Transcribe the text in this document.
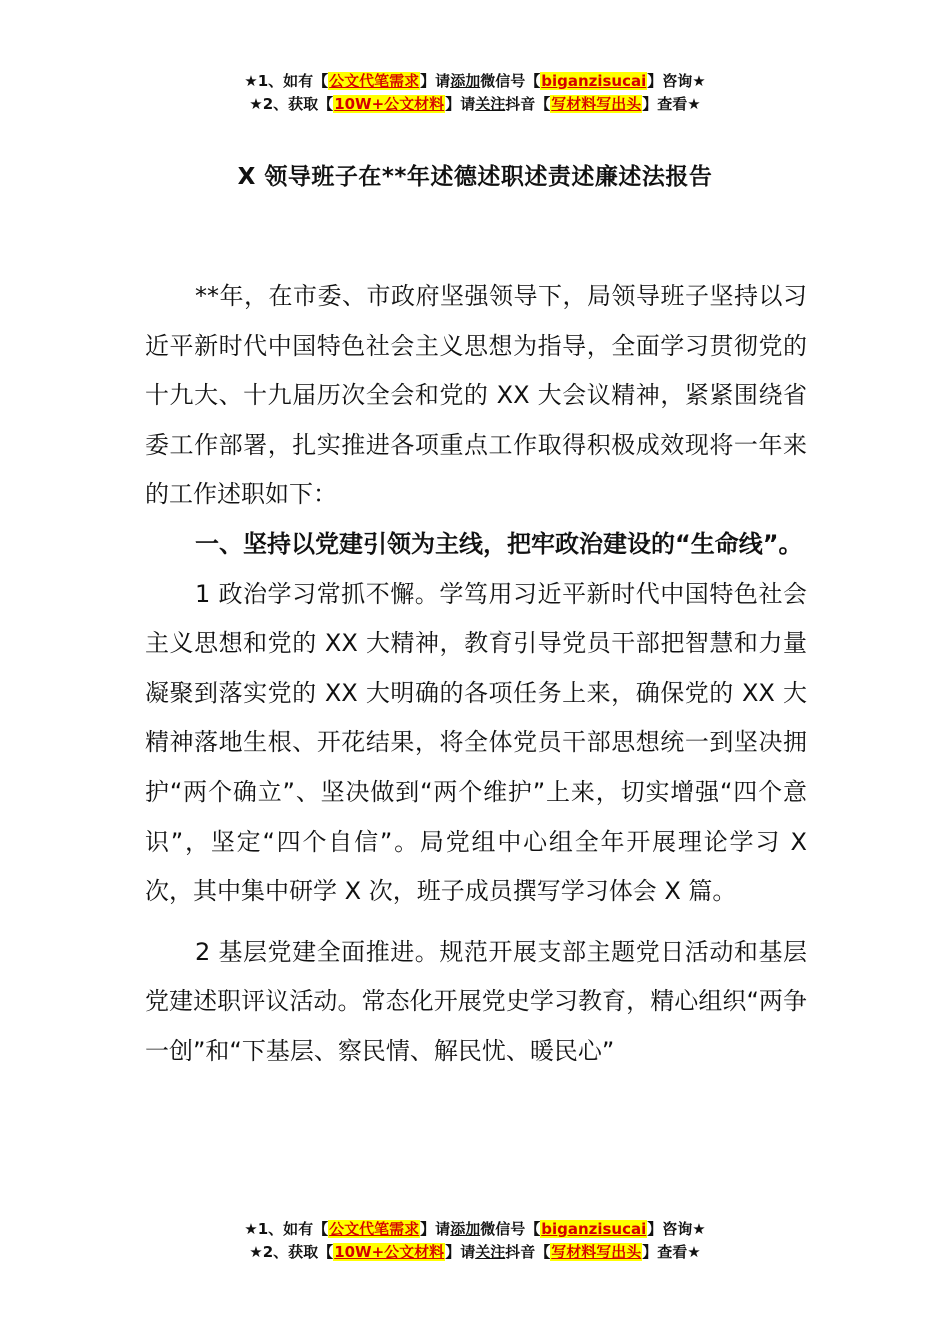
★1、如有【公文代笔需求】请添加微信号【biganzisucai】咨询★
★2、获取【10W+公文材料】请关注抖音【写材料写出头】查看★
X 领导班子在**年述德述职述责述廉述法报告

**年，在市委、市政府坚强领导下，局领导班子坚持以习近平新时代中国特色社会主义思想为指导，全面学习贯彻党的十九大、十九届历次全会和党的 XX 大会议精神，紧紧围绕省委工作部署，扎实推进各项重点工作取得积极成效现将一年来的工作述职如下：

一、坚持以党建引领为主线，把牢政治建设的“生命线”。

1 政治学习常抓不懈。学笃用习近平新时代中国特色社会主义思想和党的 XX 大精神，教育引导党员干部把智慧和力量凝聚到落实党的 XX 大明确的各项任务上来，确保党的 XX 大精神落地生根、开花结果，将全体党员干部思想统一到坚决拥护“两个确立”、坚决做到“两个维护”上来，切实增强“四个意识”，坚定“四个自信”。局党组中心组全年开展理论学习 X 次，其中集中研学 X 次，班子成员撰写学习体会 X 篇。

2 基层党建全面推进。规范开展支部主题党日活动和基层党建述职评议活动。常态化开展党史学习教育，精心组织“两争一创”和“下基层、察民情、解民忧、暖民心”

★1、如有【公文代笔需求】请添加微信号【biganzisucai】咨询★
★2、获取【10W+公文材料】请关注抖音【写材料写出头】查看★
